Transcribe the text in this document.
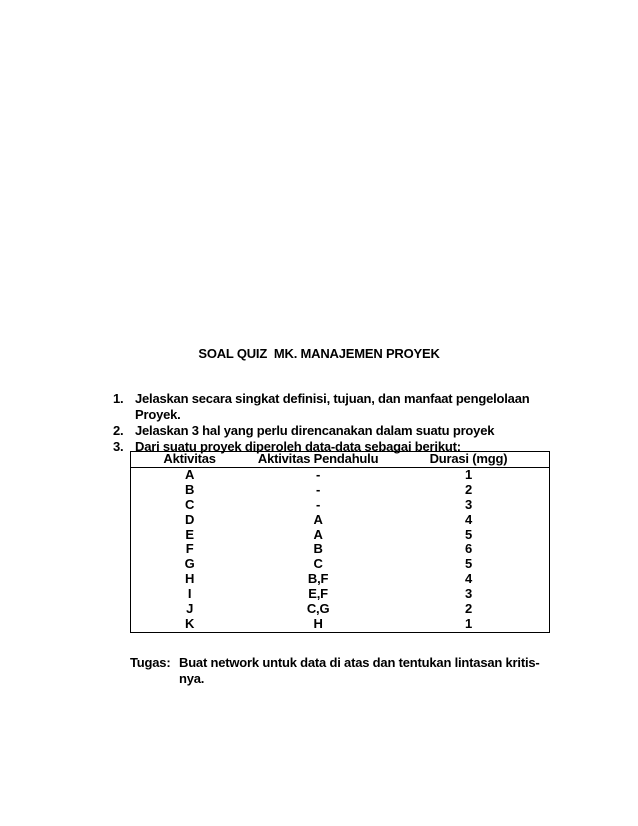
SOAL QUIZ  MK. MANAJEMEN PROYEK
1. Jelaskan secara singkat definisi, tujuan, dan manfaat pengelolaan Proyek.
2. Jelaskan 3 hal yang perlu direncanakan dalam suatu proyek
3. Dari suatu proyek diperoleh data-data sebagai berikut:
Aktivitas	Aktivitas Pendahulu	Durasi (mgg)
A	-	1
B	-	2
C	-	3
D	A	4
E	A	5
F	B	6
G	C	5
H	B,F	4
I	E,F	3
J	C,G	2
K	H	1
Tugas: Buat network untuk data di atas dan tentukan lintasan kritis-
nya.
